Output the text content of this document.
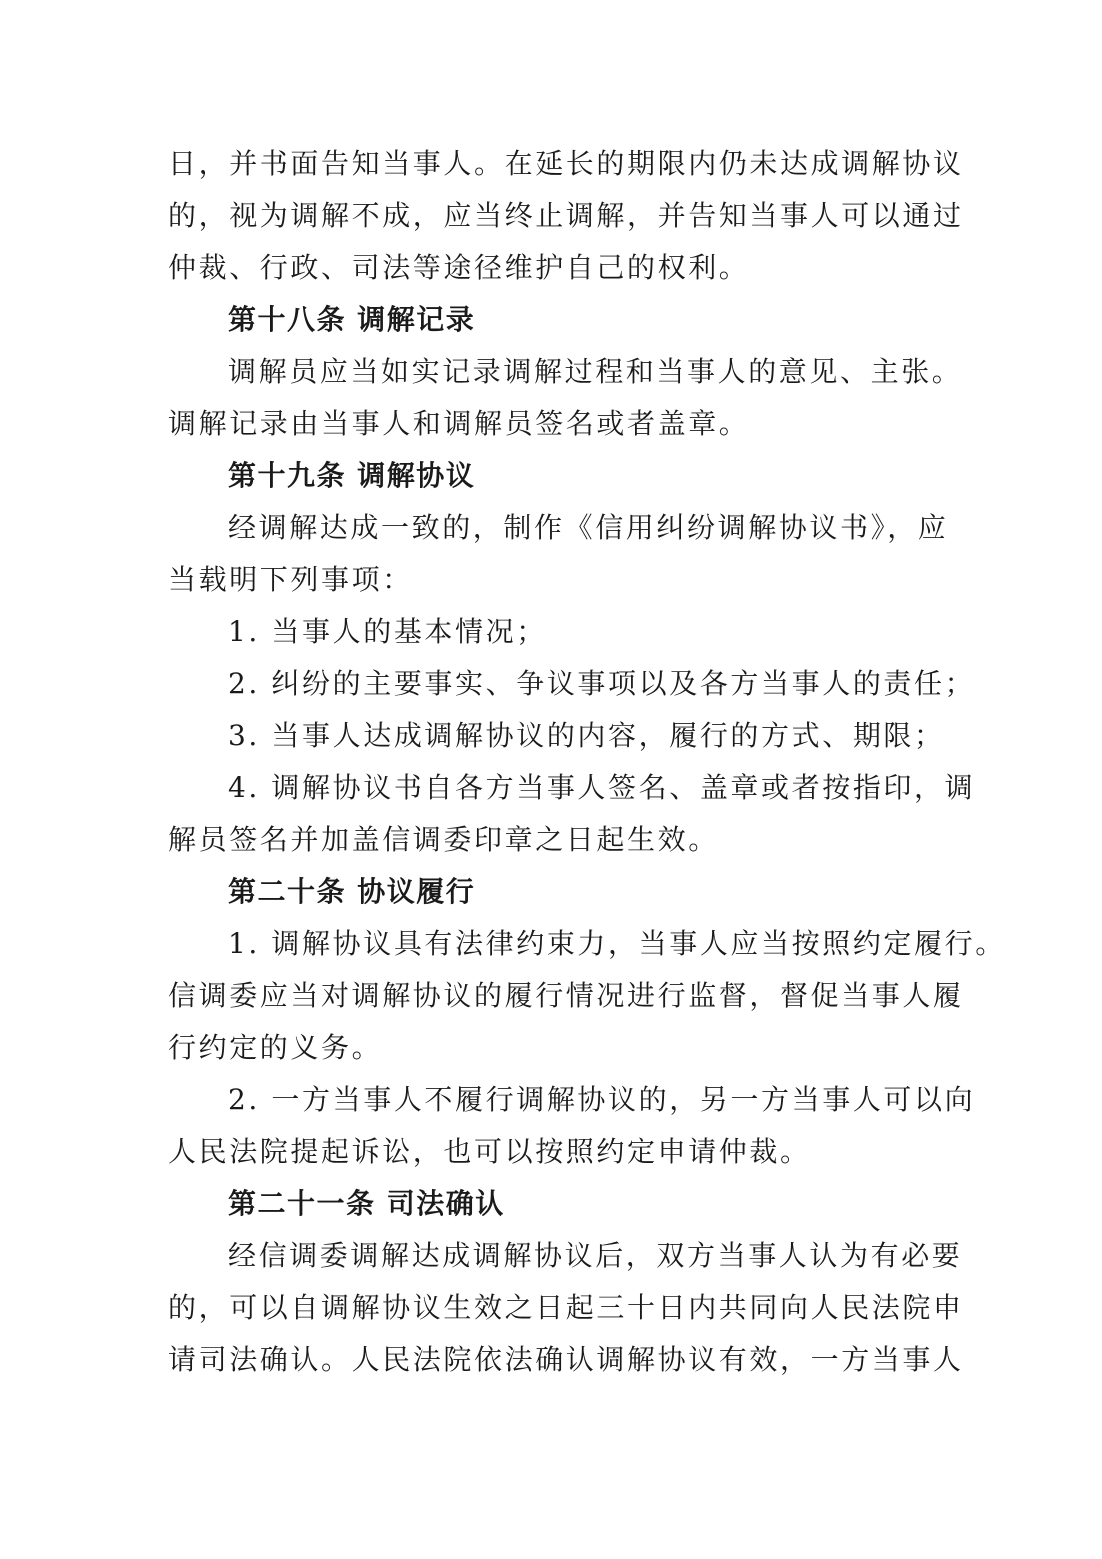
日，并书面告知当事人。在延长的期限内仍未达成调解协议
的，视为调解不成，应当终止调解，并告知当事人可以通过
仲裁、行政、司法等途径维护自己的权利。
第十八条 调解记录
调解员应当如实记录调解过程和当事人的意见、主张。
调解记录由当事人和调解员签名或者盖章。
第十九条 调解协议
经调解达成一致的，制作《信用纠纷调解协议书》，应
当载明下列事项：
1. 当事人的基本情况；
2. 纠纷的主要事实、争议事项以及各方当事人的责任；
3. 当事人达成调解协议的内容，履行的方式、期限；
4. 调解协议书自各方当事人签名、盖章或者按指印，调
解员签名并加盖信调委印章之日起生效。
第二十条 协议履行
1. 调解协议具有法律约束力，当事人应当按照约定履行。
信调委应当对调解协议的履行情况进行监督，督促当事人履
行约定的义务。
2. 一方当事人不履行调解协议的，另一方当事人可以向
人民法院提起诉讼，也可以按照约定申请仲裁。
第二十一条 司法确认
经信调委调解达成调解协议后，双方当事人认为有必要
的，可以自调解协议生效之日起三十日内共同向人民法院申
请司法确认。人民法院依法确认调解协议有效，一方当事人
